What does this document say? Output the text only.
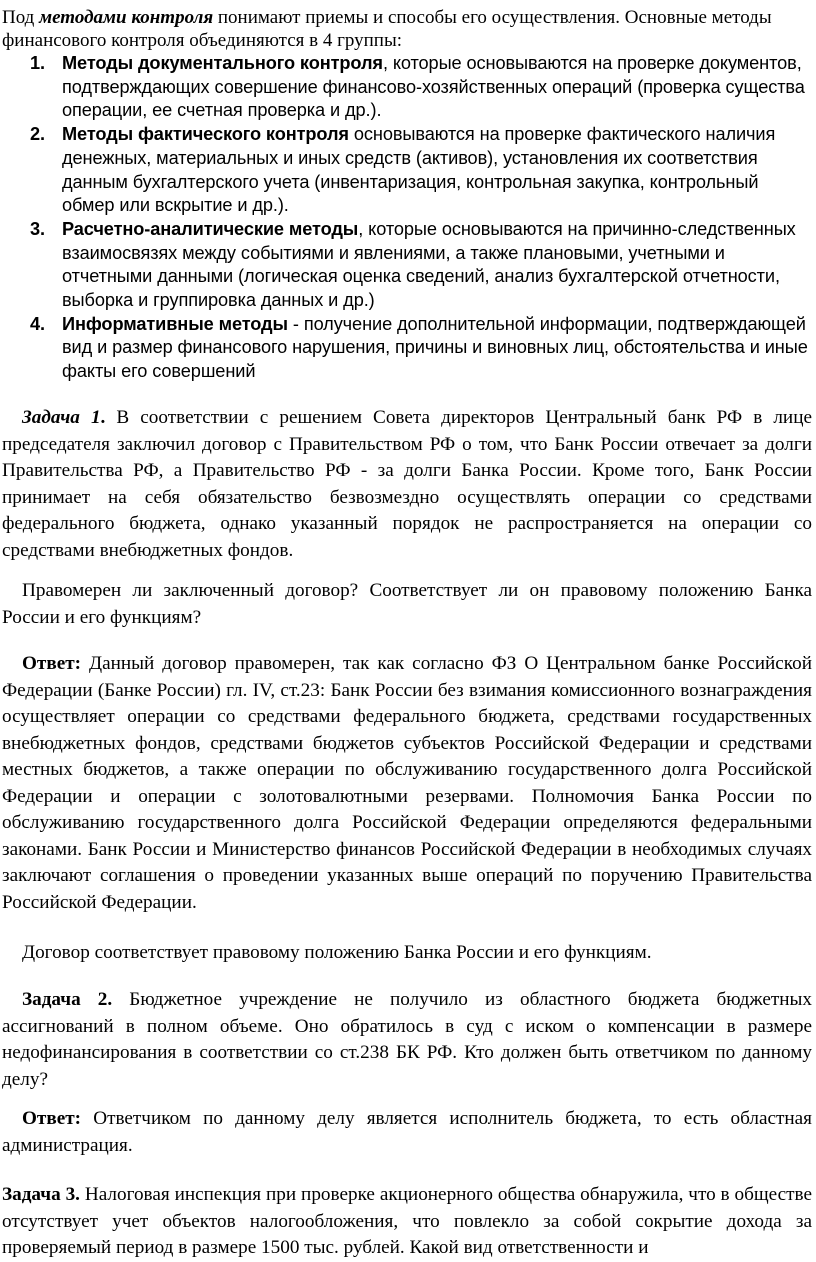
Под методами контроля понимают приемы и способы его осуществления. Основные методы финансового контроля объединяются в 4 группы:

1. Методы документального контроля, которые основываются на проверке документов, подтверждающих совершение финансово-хозяйственных операций (проверка существа операции, ее счетная проверка и др.).
2. Методы фактического контроля основываются на проверке фактического наличия денежных, материальных и иных средств (активов), установления их соответствия данным бухгалтерского учета (инвентаризация, контрольная закупка, контрольный обмер или вскрытие и др.).
3. Расчетно-аналитические методы, которые основываются на причинно-следственных взаимосвязях между событиями и явлениями, а также плановыми, учетными и отчетными данными (логическая оценка сведений, анализ бухгалтерской отчетности, выборка и группировка данных и др.)
4. Информативные методы - получение дополнительной информации, подтверждающей вид и размер финансового нарушения, причины и виновных лиц, обстоятельства и иные факты его совершений

Задача 1. В соответствии с решением Совета директоров Центральный банк РФ в лице председателя заключил договор с Правительством РФ о том, что Банк России отвечает за долги Правительства РФ, а Правительство РФ - за долги Банка России. Кроме того, Банк России принимает на себя обязательство безвозмездно осуществлять операции со средствами федерального бюджета, однако указанный порядок не распространяется на операции со средствами внебюджетных фондов.

Правомерен ли заключенный договор? Соответствует ли он правовому положению Банка России и его функциям?

Ответ: Данный договор правомерен, так как согласно ФЗ О Центральном банке Российской Федерации (Банке России) гл. IV, ст.23: Банк России без взимания комиссионного вознаграждения осуществляет операции со средствами федерального бюджета, средствами государственных внебюджетных фондов, средствами бюджетов субъектов Российской Федерации и средствами местных бюджетов, а также операции по обслуживанию государственного долга Российской Федерации и операции с золотовалютными резервами. Полномочия Банка России по обслуживанию государственного долга Российской Федерации определяются федеральными законами. Банк России и Министерство финансов Российской Федерации в необходимых случаях заключают соглашения о проведении указанных выше операций по поручению Правительства Российской Федерации.

Договор соответствует правовому положению Банка России и его функциям.

Задача 2. Бюджетное учреждение не получило из областного бюджета бюджетных ассигнований в полном объеме. Оно обратилось в суд с иском о компенсации в размере недофинансирования в соответствии со ст.238 БК РФ. Кто должен быть ответчиком по данному делу?

Ответ: Ответчиком по данному делу является исполнитель бюджета, то есть областная администрация.

Задача 3. Налоговая инспекция при проверке акционерного общества обнаружила, что в обществе отсутствует учет объектов налогообложения, что повлекло за собой сокрытие дохода за проверяемый период в размере 1500 тыс. рублей. Какой вид ответственности и
